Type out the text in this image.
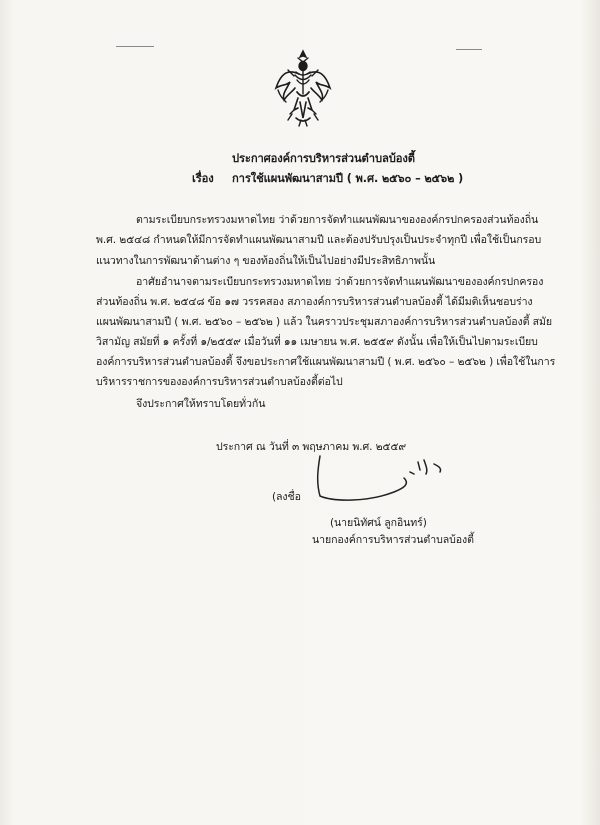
ประกาศองค์การบริหารส่วนตำบลบ้องตี้
เรื่อง การใช้แผนพัฒนาสามปี ( พ.ศ. ๒๕๖๐ – ๒๕๖๒ )
ตามระเบียบกระทรวงมหาดไทย ว่าด้วยการจัดทำแผนพัฒนาขององค์กรปกครองส่วนท้องถิ่น
พ.ศ. ๒๕๔๘ กำหนดให้มีการจัดทำแผนพัฒนาสามปี และต้องปรับปรุงเป็นประจำทุกปี เพื่อใช้เป็นกรอบ
แนวทางในการพัฒนาด้านต่าง ๆ ของท้องถิ่นให้เป็นไปอย่างมีประสิทธิภาพนั้น
อาศัยอำนาจตามระเบียบกระทรวงมหาดไทย ว่าด้วยการจัดทำแผนพัฒนาขององค์กรปกครอง
ส่วนท้องถิ่น พ.ศ. ๒๕๔๘ ข้อ ๑๗ วรรคสอง สภาองค์การบริหารส่วนตำบลบ้องตี้ ได้มีมติเห็นชอบร่าง
แผนพัฒนาสามปี ( พ.ศ. ๒๕๖๐ – ๒๕๖๒ ) แล้ว ในคราวประชุมสภาองค์การบริหารส่วนตำบลบ้องตี้ สมัย
วิสามัญ สมัยที่ ๑ ครั้งที่ ๑/๒๕๕๙ เมื่อวันที่ ๑๑ เมษายน พ.ศ. ๒๕๕๙ ดังนั้น เพื่อให้เป็นไปตามระเบียบ
องค์การบริหารส่วนตำบลบ้องตี้ จึงขอประกาศใช้แผนพัฒนาสามปี ( พ.ศ. ๒๕๖๐ – ๒๕๖๒ ) เพื่อใช้ในการ
บริหารราชการขององค์การบริหารส่วนตำบลบ้องตี้ต่อไป
จึงประกาศให้ทราบโดยทั่วกัน
ประกาศ ณ วันที่ ๓ พฤษภาคม พ.ศ. ๒๕๕๙
(ลงชื่อ
(นายนิทัศน์ ลูกอินทร์)
นายกองค์การบริหารส่วนตำบลบ้องตี้
